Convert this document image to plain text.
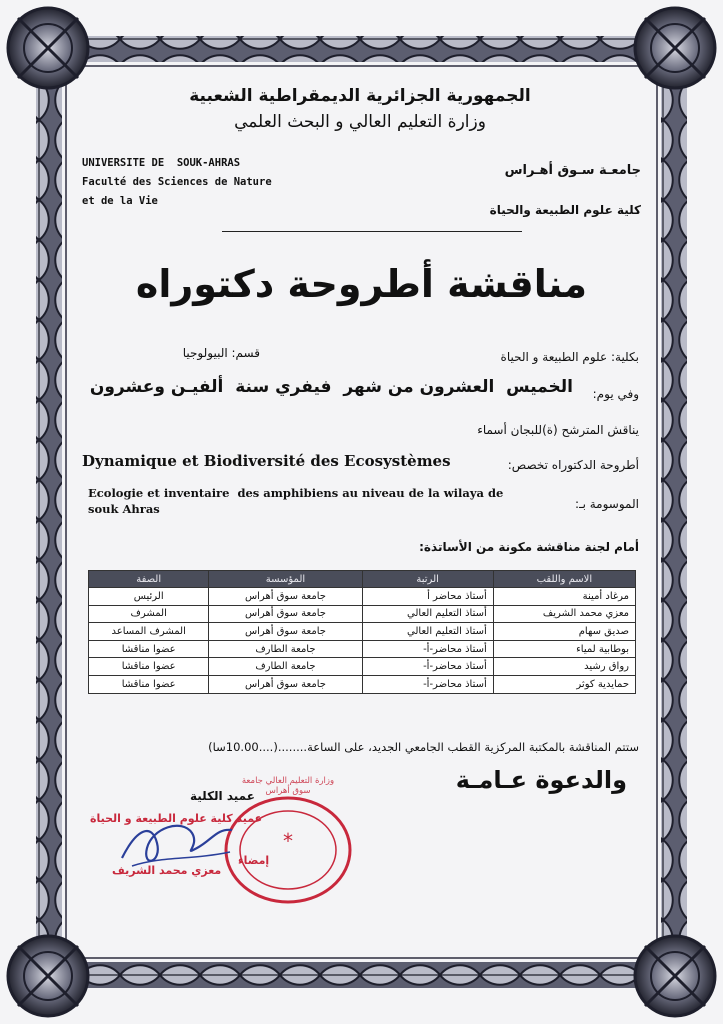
الجمهورية الجزائرية الديمقراطية الشعبية
وزارة التعليم العالي و البحث العلمي
UNIVERSITE DE  SOUK-AHRAS
Faculté des Sciences de Nature
et de la Vie
جامعـة سـوق أهـراس
كلية علوم الطبيعة والحياة
مناقشة أطروحة دكتوراه
بكلية: علوم الطبيعة و الحياة
قسم: البيولوجيا
وفي يوم:
الخميس  العشرون من شهر  فيفري سنة  ألفيـن وعشرون
يناقش المترشح (ة)للبجان أسماء
أطروحة الدكتوراه تخصص:
Dynamique et Biodiversité des Ecosystèmes
Ecologie et inventaire  des amphibiens au niveau de la wilaya de
souk Ahras	الموسومة بـ:
أمام لجنة مناقشة مكونة من الأساتذة:
الاسم واللقب	الرتبة	المؤسسة	الصفة
مرغاد أمينة	أستاذ محاضر أ	جامعة سوق أهراس	الرئيس
معزي محمد الشريف	أستاذ التعليم العالي	جامعة سوق أهراس	المشرف
صديق سهام	أستاذ التعليم العالي	جامعة سوق أهراس	المشرف المساعد
بوطابية لمياء	أستاذ محاضر-أ-	جامعة الطارف	عضوا مناقشا
رواق رشيد	أستاذ محاضر-أ-	جامعة الطارف	عضوا مناقشا
حمايدية كوثر	أستاذ محاضر-أ-	جامعة سوق أهراس	عضوا مناقشا
ستتم المناقشة بالمكتبة المركزية القطب الجامعي الجديد، على الساعة........(....10.00سا)
والدعوة عـامـة
عميد الكلية
*
وزارة التعليم العالي جامعة سوق أهراس
عميد كلية علوم الطبيعة و الحياة
إمضاء
معزي محمد الشريف
